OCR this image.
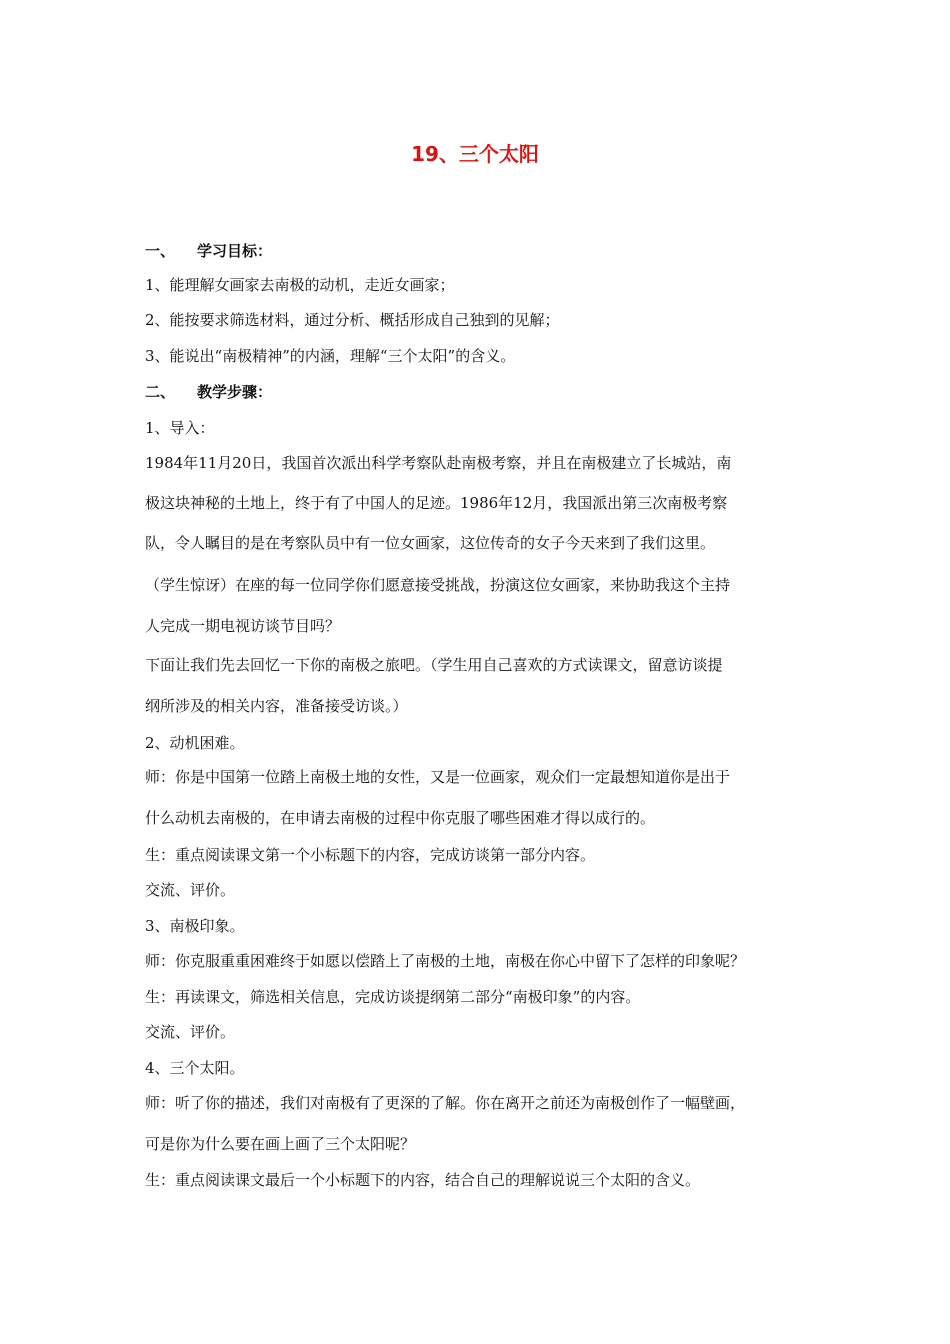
19、三个太阳
一、 学习目标：
1、能理解女画家去南极的动机，走近女画家；
2、能按要求筛选材料，通过分析、概括形成自己独到的见解；
3、能说出“南极精神”的内涵，理解“三个太阳”的含义。
二、 教学步骤：
1、导入：
1984年11月20日，我国首次派出科学考察队赴南极考察，并且在南极建立了长城站，南
极这块神秘的土地上，终于有了中国人的足迹。1986年12月，我国派出第三次南极考察
队，令人瞩目的是在考察队员中有一位女画家，这位传奇的女子今天来到了我们这里。
（学生惊讶）在座的每一位同学你们愿意接受挑战，扮演这位女画家，来协助我这个主持
人完成一期电视访谈节目吗？
下面让我们先去回忆一下你的南极之旅吧。（学生用自己喜欢的方式读课文，留意访谈提
纲所涉及的相关内容，准备接受访谈。）
2、动机困难。
师：你是中国第一位踏上南极土地的女性，又是一位画家，观众们一定最想知道你是出于
什么动机去南极的，在申请去南极的过程中你克服了哪些困难才得以成行的。
生：重点阅读课文第一个小标题下的内容，完成访谈第一部分内容。
交流、评价。
3、南极印象。
师：你克服重重困难终于如愿以偿踏上了南极的土地，南极在你心中留下了怎样的印象呢？
生：再读课文，筛选相关信息，完成访谈提纲第二部分“南极印象”的内容。
交流、评价。
4、三个太阳。
师：听了你的描述，我们对南极有了更深的了解。你在离开之前还为南极创作了一幅壁画，
可是你为什么要在画上画了三个太阳呢？
生：重点阅读课文最后一个小标题下的内容，结合自己的理解说说三个太阳的含义。
